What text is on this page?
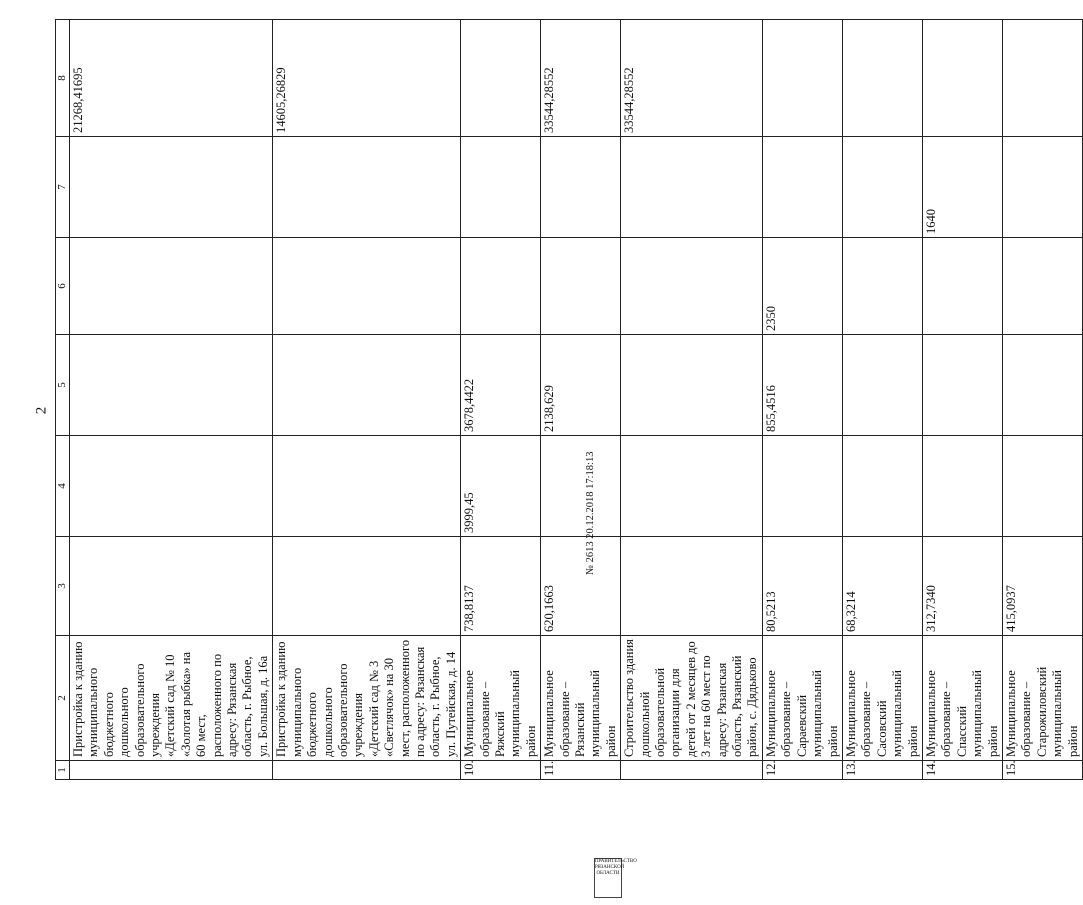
2
1	2	3	4	5	6	7	8
	Пристройка к зданию муниципального бюджетного дошкольного образовательного учреждения «Детский сад № 10 «Золотая рыбка» на 60 мест, расположенного по адресу: Рязанская область, г. Рыбное, ул. Большая, д. 16а						21268,41695
	Пристройка к зданию муниципального бюджетного дошкольного образовательного учреждения «Детский сад № 3 «Светлячок» на 30 мест, расположенного по адресу: Рязанская область, г. Рыбное, ул. Путейская, д. 14						14605,26829
10.	Муниципальное образование – Ряжский муниципальный район	738,8137	3999,45	3678,4422			
11.	Муниципальное образование – Рязанский муниципальный район	620,1663		2138,629			33544,28552
	Строительство здания дошкольной образовательной организации для детей от 2 месяцев до 3 лет на 60 мест по адресу: Рязанская область, Рязанский район, с. Дядьково						33544,28552
12.	Муниципальное образование – Сараевский муниципальный район	80,5213		855,4516	2350		
13.	Муниципальное образование – Сасовский муниципальный район	68,3214					
14.	Муниципальное образование – Спасский муниципальный район	312,7340				1640	
15.	Муниципальное образование – Старожиловский муниципальный район	415,0937					
№ 2613 20.12.2018 17:18:13
ПРАВИТЕЛЬСТВО РЯЗАНСКОЙ ОБЛАСТИ
